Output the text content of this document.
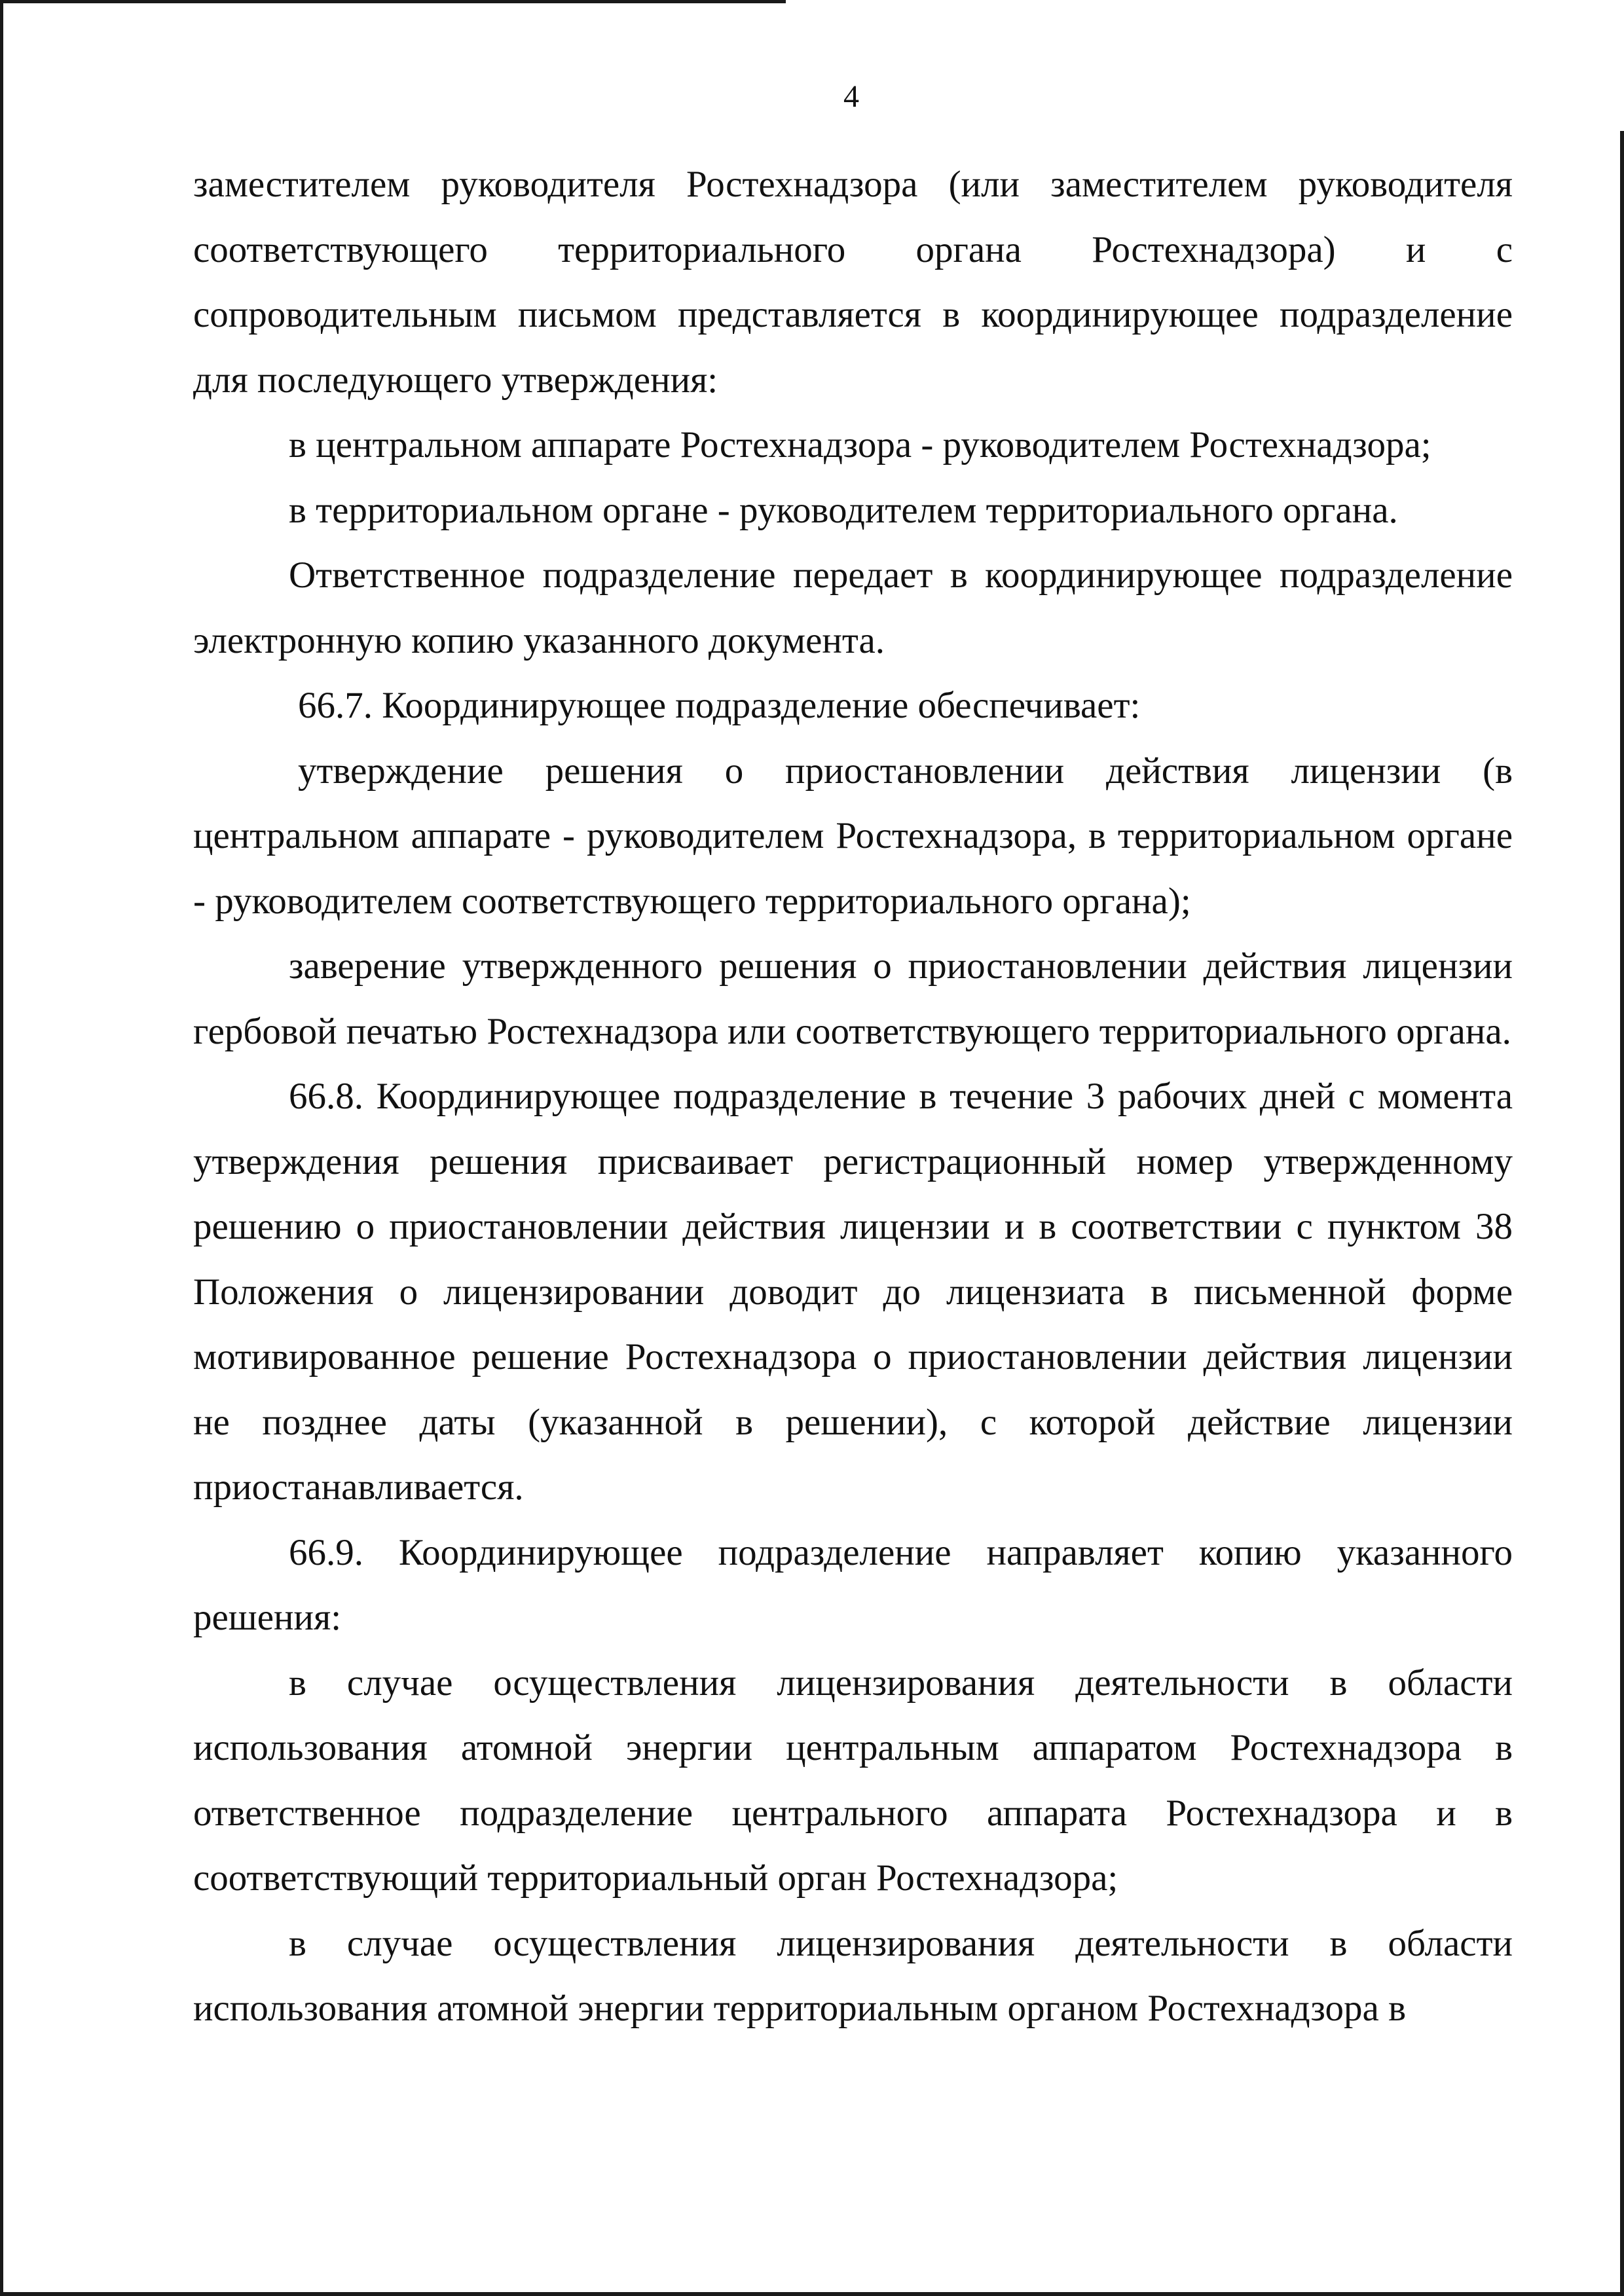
4

заместителем руководителя Ростехнадзора (или заместителем руководителя соответствующего территориального органа Ростехнадзора) и с сопроводительным письмом представляется в координирующее подразделение для последующего утверждения:

в центральном аппарате Ростехнадзора - руководителем Ростехнадзора;

в территориальном органе - руководителем территориального органа.

Ответственное подразделение передает в координирующее подразделение электронную копию указанного документа.

66.7. Координирующее подразделение обеспечивает:

утверждение решения о приостановлении действия лицензии (в центральном аппарате - руководителем Ростехнадзора, в территориальном органе - руководителем соответствующего территориального органа);

заверение утвержденного решения о приостановлении действия лицензии гербовой печатью Ростехнадзора или соответствующего территориального органа.

66.8. Координирующее подразделение в течение 3 рабочих дней с момента утверждения решения присваивает регистрационный номер утвержденному решению о приостановлении действия лицензии и в соответствии с пунктом 38 Положения о лицензировании доводит до лицензиата в письменной форме мотивированное решение Ростехнадзора о приостановлении действия лицензии не позднее даты (указанной в решении), с которой действие лицензии приостанавливается.

66.9. Координирующее подразделение направляет копию указанного решения:

в случае осуществления лицензирования деятельности в области использования атомной энергии центральным аппаратом Ростехнадзора в ответственное подразделение центрального аппарата Ростехнадзора и в соответствующий территориальный орган Ростехнадзора;

в случае осуществления лицензирования деятельности в области использования атомной энергии территориальным органом Ростехнадзора в
